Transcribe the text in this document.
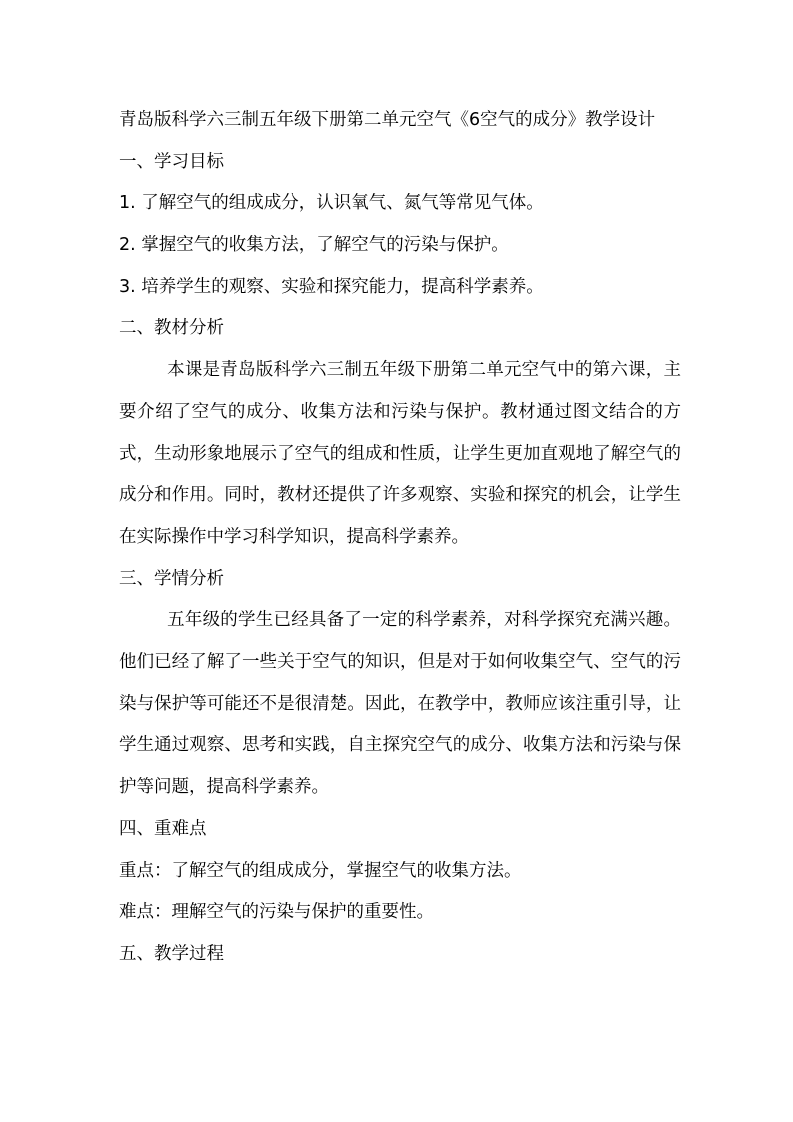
青岛版科学六三制五年级下册第二单元空气《6空气的成分》教学设计
一、学习目标
1. 了解空气的组成成分，认识氧气、氮气等常见气体。
2. 掌握空气的收集方法，了解空气的污染与保护。
3. 培养学生的观察、实验和探究能力，提高科学素养。
二、教材分析
本课是青岛版科学六三制五年级下册第二单元空气中的第六课，主要介绍了空气的成分、收集方法和污染与保护。教材通过图文结合的方式，生动形象地展示了空气的组成和性质，让学生更加直观地了解空气的成分和作用。同时，教材还提供了许多观察、实验和探究的机会，让学生在实际操作中学习科学知识，提高科学素养。
三、学情分析
五年级的学生已经具备了一定的科学素养，对科学探究充满兴趣。他们已经了解了一些关于空气的知识，但是对于如何收集空气、空气的污染与保护等可能还不是很清楚。因此，在教学中，教师应该注重引导，让学生通过观察、思考和实践，自主探究空气的成分、收集方法和污染与保护等问题，提高科学素养。
四、重难点
重点：了解空气的组成成分，掌握空气的收集方法。
难点：理解空气的污染与保护的重要性。
五、教学过程
